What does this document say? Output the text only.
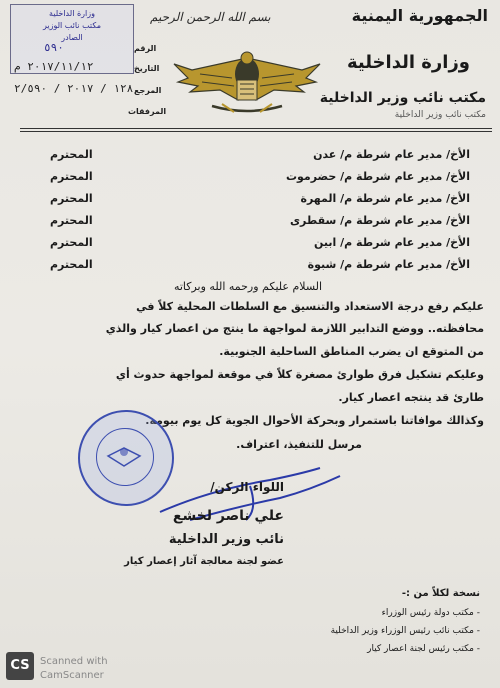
وزارة الداخلية
مكتب نائب الوزير
الصادر
الرقم
٥٩٠
التاريخ
٢٠١٧/١١/١٢ م
المرجع
١٢٨ / ٢٠١٧ / ٢/٥٩٠
المرفقات
بسم الله الرحمن الرحيم	الجمهورية اليمنية
وزارة الداخلية
مكتب نائب وزير الداخلية
مكتب نائب وزير الداخلية
الأخ/ مدير عام شرطة م/ عدن
المحترم
الأخ/ مدير عام شرطة م/ حضرموت
المحترم
الأخ/ مدير عام شرطة م/ المهرة
المحترم
الأخ/ مدير عام شرطة م/ سقطرى
المحترم
الأخ/ مدير عام شرطة م/ ابين
المحترم
الأخ/ مدير عام شرطة م/ شبوة
المحترم
السلام عليكم ورحمه الله وبركاته
عليكم رفع درجة الاستعداد والتنسيق مع السلطات المحلية كلاً في
محافظته.. ووضع التدابير اللازمة لمواجهة ما ينتج من اعصار كيار والذي
من المتوقع ان يضرب المناطق الساحلية الجنوبية.
وعليكم تشكيل فرق طوارئ مصغرة كلاً في موقعة لمواجهة حدوث أي
طارئ قد ينتجه اعصار كيار.
وكذالك موافاتنا باستمرار وبحركة الأحوال الجوية كل يوم بيومه.
مرسل للتنفيذ، اعتراف.
اللواء الركن/
علي ناصر لخشع
نائب وزير الداخلية
عضو لجنة معالجة آثار إعصار كيار
نسخة لكلاً من :-
- مكتب دولة رئيس الوزراء
- مكتب نائب رئيس الوزراء وزير الداخلية
- مكتب رئيس لجنة اعصار كيار
CS	Scanned with
CamScanner
